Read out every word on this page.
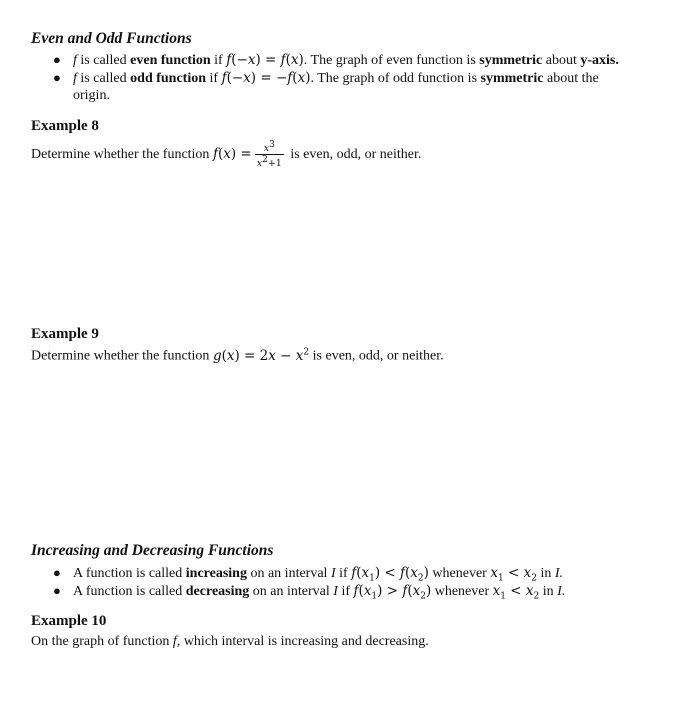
Even and Odd Functions
● f is called even function if f(−x) = f(x). The graph of even function is symmetric about y-axis.
● f is called odd function if f(−x) = −f(x). The graph of odd function is symmetric about the
origin.
Example 8
Determine whether the function $f(x) = \frac{x^3}{x^2+1}$ is even, odd, or neither.
Example 9
Determine whether the function $g(x) = 2x - x^2$ is even, odd, or neither.
Increasing and Decreasing Functions
● A function is called increasing on an interval I if $f(x_1) < f(x_2)$ whenever $x_1 < x_2$ in I.
● A function is called decreasing on an interval I if $f(x_1) > f(x_2)$ whenever $x_1 < x_2$ in I.
Example 10
On the graph of function f, which interval is increasing and decreasing.
